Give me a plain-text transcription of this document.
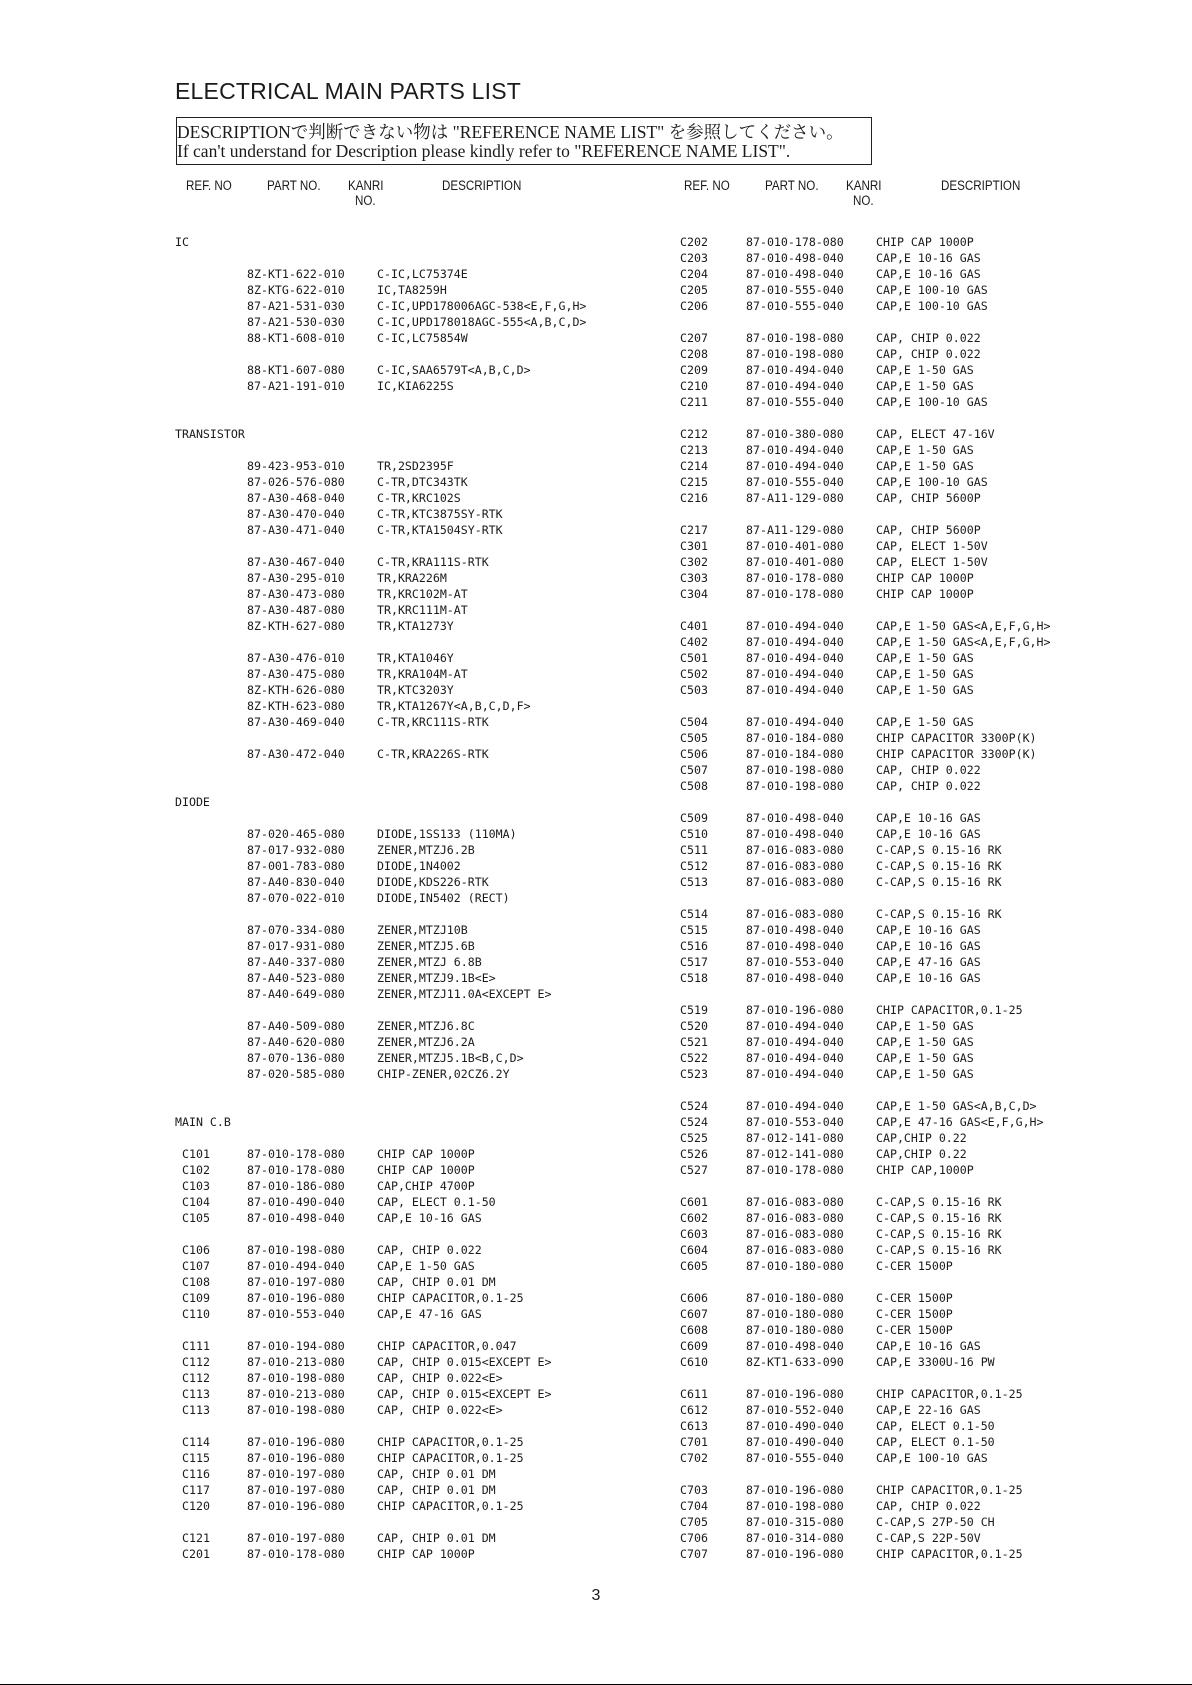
ELECTRICAL MAIN PARTS LIST
DESCRIPTIONで判断できない物は "REFERENCE NAME LIST" を参照してください。
If can't understand for Description please kindly refer to "REFERENCE NAME LIST".
REF. NO	PART NO. KANRI
NO.
DESCRIPTION
IC
8Z-KT1-622-010	C-IC,LC75374E
8Z-KTG-622-010	IC,TA8259H
87-A21-531-030	C-IC,UPD178006AGC-538<E,F,G,H>
87-A21-530-030	C-IC,UPD178018AGC-555<A,B,C,D>
88-KT1-608-010	C-IC,LC75854W
88-KT1-607-080	C-IC,SAA6579T<A,B,C,D>
87-A21-191-010	IC,KIA6225S
TRANSISTOR
89-423-953-010	TR,2SD2395F
87-026-576-080	C-TR,DTC343TK
87-A30-468-040	C-TR,KRC102S
87-A30-470-040	C-TR,KTC3875SY-RTK
87-A30-471-040	C-TR,KTA1504SY-RTK
87-A30-467-040	C-TR,KRA111S-RTK
87-A30-295-010	TR,KRA226M
87-A30-473-080	TR,KRC102M-AT
87-A30-487-080	TR,KRC111M-AT
8Z-KTH-627-080	TR,KTA1273Y
87-A30-476-010	TR,KTA1046Y
87-A30-475-080	TR,KRA104M-AT
8Z-KTH-626-080	TR,KTC3203Y
8Z-KTH-623-080	TR,KTA1267Y<A,B,C,D,F>
87-A30-469-040	C-TR,KRC111S-RTK
87-A30-472-040	C-TR,KRA226S-RTK
DIODE
87-020-465-080	DIODE,1SS133 (110MA)
87-017-932-080	ZENER,MTZJ6.2B
87-001-783-080	DIODE,1N4002
87-A40-830-040	DIODE,KDS226-RTK
87-070-022-010	DIODE,IN5402 (RECT)
87-070-334-080	ZENER,MTZJ10B
87-017-931-080	ZENER,MTZJ5.6B
87-A40-337-080	ZENER,MTZJ 6.8B
87-A40-523-080	ZENER,MTZJ9.1B<E>
87-A40-649-080	ZENER,MTZJ11.0A<EXCEPT E>
87-A40-509-080	ZENER,MTZJ6.8C
87-A40-620-080	ZENER,MTZJ6.2A
87-070-136-080	ZENER,MTZJ5.1B<B,C,D>
87-020-585-080	CHIP-ZENER,02CZ6.2Y
MAIN C.B
C101	87-010-178-080	CHIP CAP 1000P
C102	87-010-178-080	CHIP CAP 1000P
C103	87-010-186-080	CAP,CHIP 4700P
C104	87-010-490-040	CAP, ELECT 0.1-50
C105	87-010-498-040	CAP,E 10-16 GAS
C106	87-010-198-080	CAP, CHIP 0.022
C107	87-010-494-040	CAP,E 1-50 GAS
C108	87-010-197-080	CAP, CHIP 0.01 DM
C109	87-010-196-080	CHIP CAPACITOR,0.1-25
C110	87-010-553-040	CAP,E 47-16 GAS
C111	87-010-194-080	CHIP CAPACITOR,0.047
C112	87-010-213-080	CAP, CHIP 0.015<EXCEPT E>
C112	87-010-198-080	CAP, CHIP 0.022<E>
C113	87-010-213-080	CAP, CHIP 0.015<EXCEPT E>
C113	87-010-198-080	CAP, CHIP 0.022<E>
C114	87-010-196-080	CHIP CAPACITOR,0.1-25
C115	87-010-196-080	CHIP CAPACITOR,0.1-25
C116	87-010-197-080	CAP, CHIP 0.01 DM
C117	87-010-197-080	CAP, CHIP 0.01 DM
C120	87-010-196-080	CHIP CAPACITOR,0.1-25
C121	87-010-197-080	CAP, CHIP 0.01 DM
C201	87-010-178-080	CHIP CAP 1000P
REF. NO	PART NO. KANRI
NO.
DESCRIPTION
C202	87-010-178-080	CHIP CAP 1000P
C203	87-010-498-040	CAP,E 10-16 GAS
C204	87-010-498-040	CAP,E 10-16 GAS
C205	87-010-555-040	CAP,E 100-10 GAS
C206	87-010-555-040	CAP,E 100-10 GAS
C207	87-010-198-080	CAP, CHIP 0.022
C208	87-010-198-080	CAP, CHIP 0.022
C209	87-010-494-040	CAP,E 1-50 GAS
C210	87-010-494-040	CAP,E 1-50 GAS
C211	87-010-555-040	CAP,E 100-10 GAS
C212	87-010-380-080	CAP, ELECT 47-16V
C213	87-010-494-040	CAP,E 1-50 GAS
C214	87-010-494-040	CAP,E 1-50 GAS
C215	87-010-555-040	CAP,E 100-10 GAS
C216	87-A11-129-080	CAP, CHIP 5600P
C217	87-A11-129-080	CAP, CHIP 5600P
C301	87-010-401-080	CAP, ELECT 1-50V
C302	87-010-401-080	CAP, ELECT 1-50V
C303	87-010-178-080	CHIP CAP 1000P
C304	87-010-178-080	CHIP CAP 1000P
C401	87-010-494-040	CAP,E 1-50 GAS<A,E,F,G,H>
C402	87-010-494-040	CAP,E 1-50 GAS<A,E,F,G,H>
C501	87-010-494-040	CAP,E 1-50 GAS
C502	87-010-494-040	CAP,E 1-50 GAS
C503	87-010-494-040	CAP,E 1-50 GAS
C504	87-010-494-040	CAP,E 1-50 GAS
C505	87-010-184-080	CHIP CAPACITOR 3300P(K)
C506	87-010-184-080	CHIP CAPACITOR 3300P(K)
C507	87-010-198-080	CAP, CHIP 0.022
C508	87-010-198-080	CAP, CHIP 0.022
C509	87-010-498-040	CAP,E 10-16 GAS
C510	87-010-498-040	CAP,E 10-16 GAS
C511	87-016-083-080	C-CAP,S 0.15-16 RK
C512	87-016-083-080	C-CAP,S 0.15-16 RK
C513	87-016-083-080	C-CAP,S 0.15-16 RK
C514	87-016-083-080	C-CAP,S 0.15-16 RK
C515	87-010-498-040	CAP,E 10-16 GAS
C516	87-010-498-040	CAP,E 10-16 GAS
C517	87-010-553-040	CAP,E 47-16 GAS
C518	87-010-498-040	CAP,E 10-16 GAS
C519	87-010-196-080	CHIP CAPACITOR,0.1-25
C520	87-010-494-040	CAP,E 1-50 GAS
C521	87-010-494-040	CAP,E 1-50 GAS
C522	87-010-494-040	CAP,E 1-50 GAS
C523	87-010-494-040	CAP,E 1-50 GAS
C524	87-010-494-040	CAP,E 1-50 GAS<A,B,C,D>
C524	87-010-553-040	CAP,E 47-16 GAS<E,F,G,H>
C525	87-012-141-080	CAP,CHIP 0.22
C526	87-012-141-080	CAP,CHIP 0.22
C527	87-010-178-080	CHIP CAP,1000P
C601	87-016-083-080	C-CAP,S 0.15-16 RK
C602	87-016-083-080	C-CAP,S 0.15-16 RK
C603	87-016-083-080	C-CAP,S 0.15-16 RK
C604	87-016-083-080	C-CAP,S 0.15-16 RK
C605	87-010-180-080	C-CER 1500P
C606	87-010-180-080	C-CER 1500P
C607	87-010-180-080	C-CER 1500P
C608	87-010-180-080	C-CER 1500P
C609	87-010-498-040	CAP,E 10-16 GAS
C610	8Z-KT1-633-090	CAP,E 3300U-16 PW
C611	87-010-196-080	CHIP CAPACITOR,0.1-25
C612	87-010-552-040	CAP,E 22-16 GAS
C613	87-010-490-040	CAP, ELECT 0.1-50
C701	87-010-490-040	CAP, ELECT 0.1-50
C702	87-010-555-040	CAP,E 100-10 GAS
C703	87-010-196-080	CHIP CAPACITOR,0.1-25
C704	87-010-198-080	CAP, CHIP 0.022
C705	87-010-315-080	C-CAP,S 27P-50 CH
C706	87-010-314-080	C-CAP,S 22P-50V
C707	87-010-196-080	CHIP CAPACITOR,0.1-25
3
